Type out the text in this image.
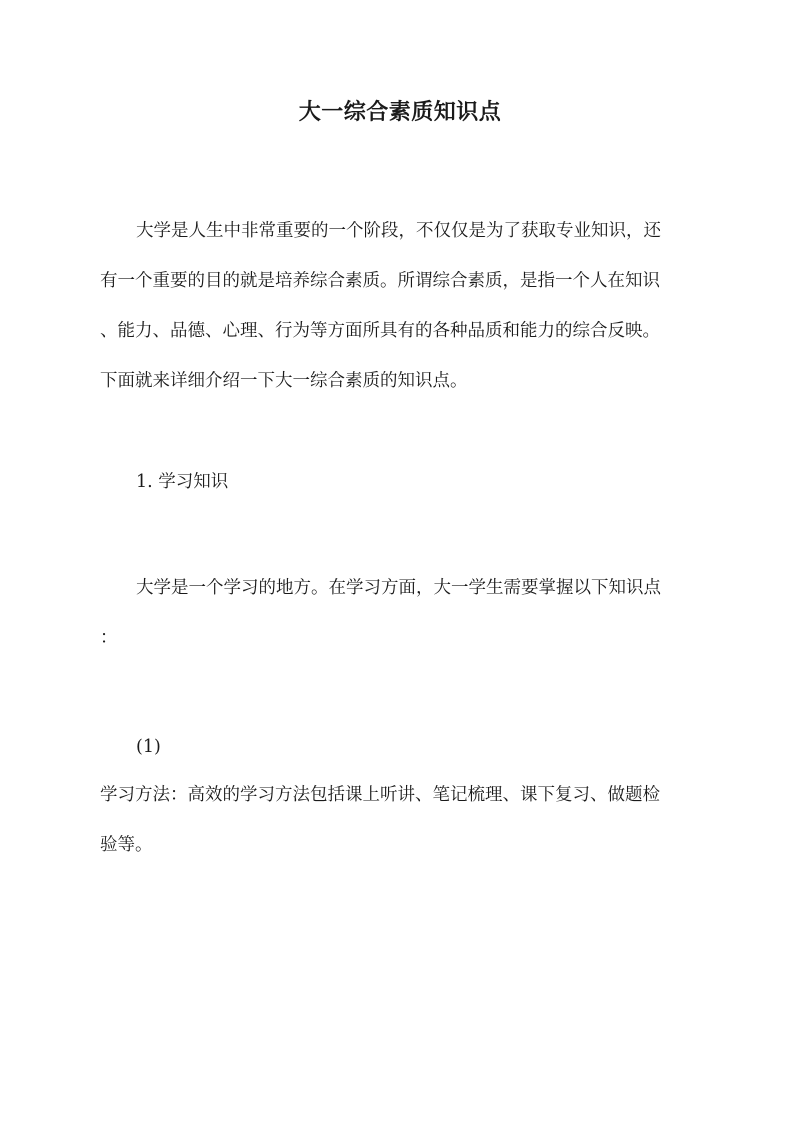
大一综合素质知识点
大学是人生中非常重要的一个阶段，不仅仅是为了获取专业知识，还
有一个重要的目的就是培养综合素质。所谓综合素质，是指一个人在知识
、能力、品德、心理、行为等方面所具有的各种品质和能力的综合反映。
下面就来详细介绍一下大一综合素质的知识点。
1. 学习知识
大学是一个学习的地方。在学习方面，大一学生需要掌握以下知识点
：
(1)
学习方法：高效的学习方法包括课上听讲、笔记梳理、课下复习、做题检
验等。
